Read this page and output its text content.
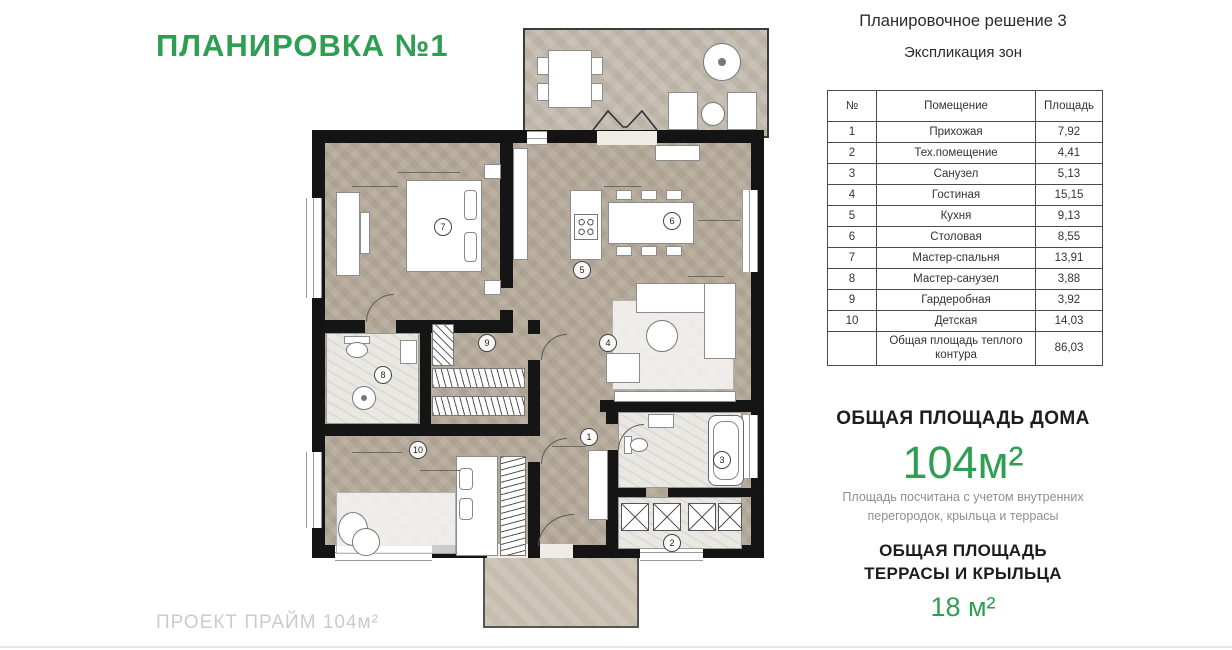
ПЛАНИРОВКА №1
1
2
3
4
5
6
7
8
9
10
Планировочное решение 3
Экспликация зон
№	Помещение	Площадь
1	Прихожая	7,92
2	Тех.помещение	4,41
3	Санузел	5,13
4	Гостиная	15,15
5	Кухня	9,13
6	Столовая	8,55
7	Мастер-спальня	13,91
8	Мастер-санузел	3,88
9	Гардеробная	3,92
10	Детская	14,03
	Общая площадь теплого контура	86,03
ОБЩАЯ ПЛОЩАДЬ ДОМА
104м²
Площадь посчитана с учетом внутренних
перегородок, крыльца и террасы
ОБЩАЯ ПЛОЩАДЬ
ТЕРРАСЫ И КРЫЛЬЦА
18 м²
ПРОЕКТ ПРАЙМ 104м²
